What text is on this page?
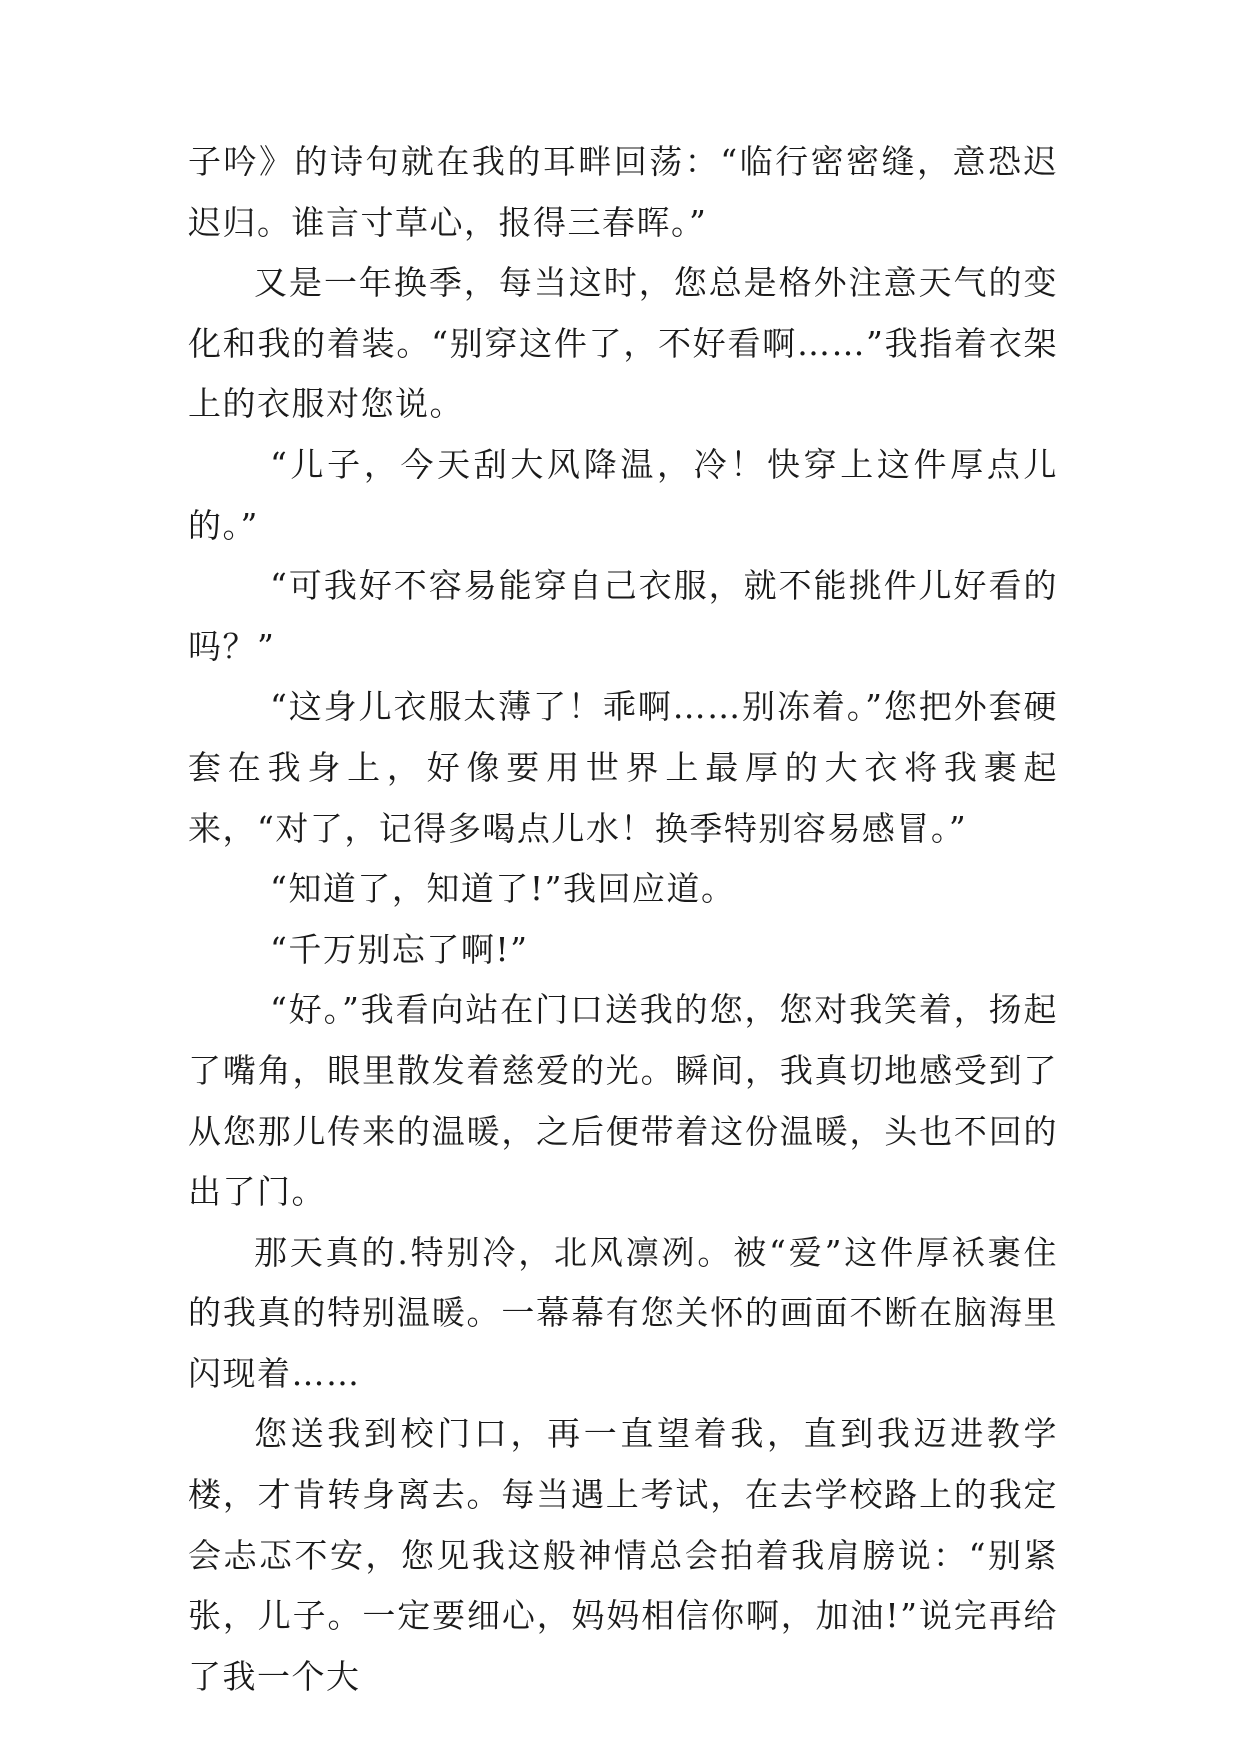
子吟》的诗句就在我的耳畔回荡：“临行密密缝，意恐迟迟归。谁言寸草心，报得三春晖。”

又是一年换季，每当这时，您总是格外注意天气的变化和我的着装。“别穿这件了，不好看啊……”我指着衣架上的衣服对您说。

“儿子，今天刮大风降温，冷！快穿上这件厚点儿的。”

“可我好不容易能穿自己衣服，就不能挑件儿好看的吗？”

“这身儿衣服太薄了！乖啊……别冻着。”您把外套硬套在我身上，好像要用世界上最厚的大衣将我裹起来，“对了，记得多喝点儿水！换季特别容易感冒。”

“知道了，知道了!”我回应道。

“千万别忘了啊!”

“好。”我看向站在门口送我的您，您对我笑着，扬起了嘴角，眼里散发着慈爱的光。瞬间，我真切地感受到了从您那儿传来的温暖，之后便带着这份温暖，头也不回的出了门。

那天真的.特别冷，北风凛冽。被“爱”这件厚袄裹住的我真的特别温暖。一幕幕有您关怀的画面不断在脑海里闪现着……

您送我到校门口，再一直望着我，直到我迈进教学楼，才肯转身离去。每当遇上考试，在去学校路上的我定会忐忑不安，您见我这般神情总会拍着我肩膀说：“别紧张，儿子。一定要细心，妈妈相信你啊，加油!”说完再给了我一个大
